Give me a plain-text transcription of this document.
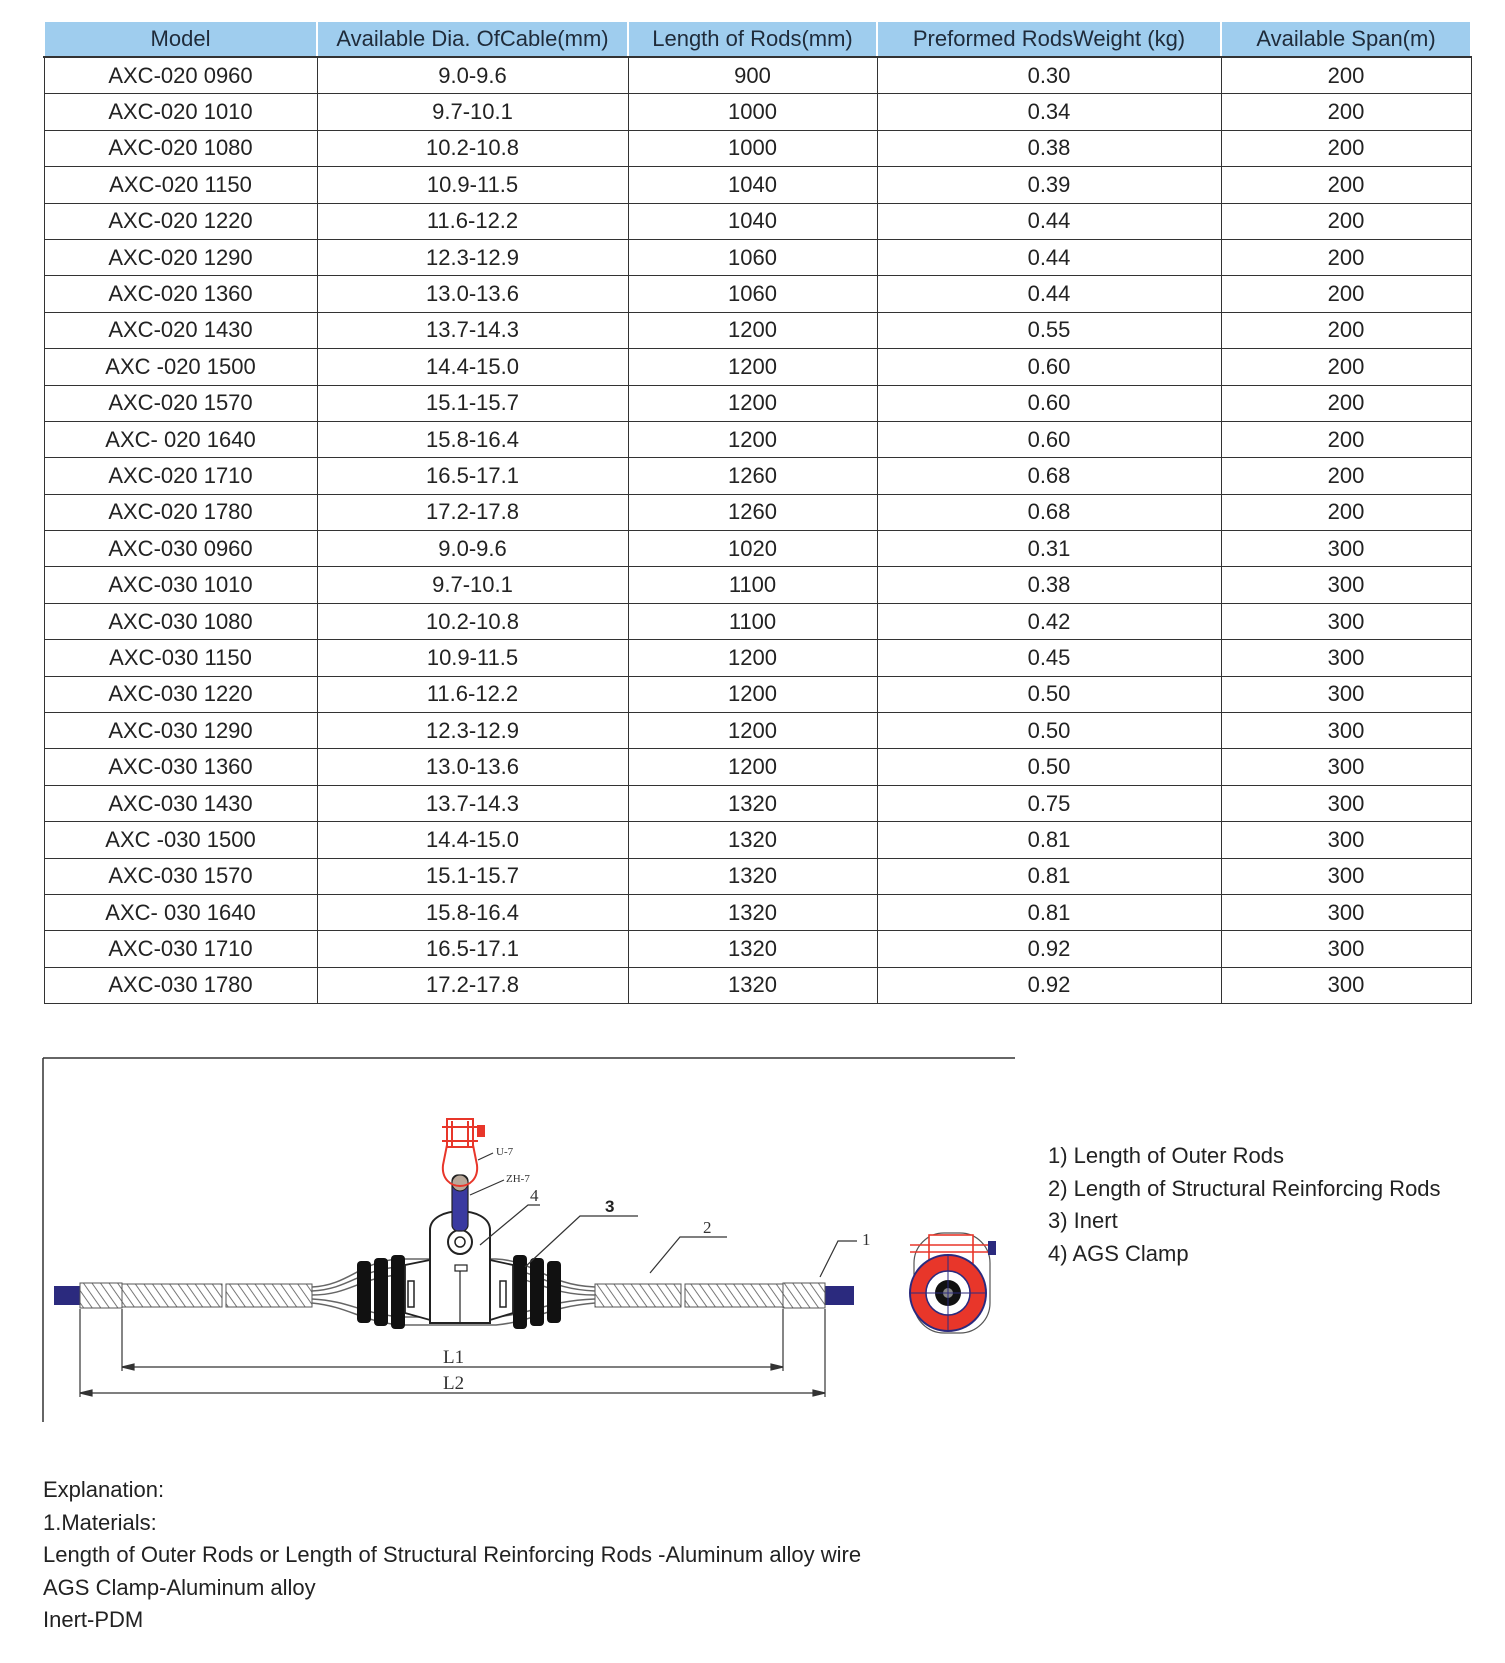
Model	Available Dia. OfCable(mm)	Length of Rods(mm)	Preformed RodsWeight (kg)	Available Span(m)
AXC-020 0960	9.0-9.6	900	0.30	200
AXC-020 1010	9.7-10.1	1000	0.34	200
AXC-020 1080	10.2-10.8	1000	0.38	200
AXC-020 1150	10.9-11.5	1040	0.39	200
AXC-020 1220	11.6-12.2	1040	0.44	200
AXC-020 1290	12.3-12.9	1060	0.44	200
AXC-020 1360	13.0-13.6	1060	0.44	200
AXC-020 1430	13.7-14.3	1200	0.55	200
AXC -020 1500	14.4-15.0	1200	0.60	200
AXC-020 1570	15.1-15.7	1200	0.60	200
AXC- 020 1640	15.8-16.4	1200	0.60	200
AXC-020 1710	16.5-17.1	1260	0.68	200
AXC-020 1780	17.2-17.8	1260	0.68	200
AXC-030 0960	9.0-9.6	1020	0.31	300
AXC-030 1010	9.7-10.1	1100	0.38	300
AXC-030 1080	10.2-10.8	1100	0.42	300
AXC-030 1150	10.9-11.5	1200	0.45	300
AXC-030 1220	11.6-12.2	1200	0.50	300
AXC-030 1290	12.3-12.9	1200	0.50	300
AXC-030 1360	13.0-13.6	1200	0.50	300
AXC-030 1430	13.7-14.3	1320	0.75	300
AXC -030 1500	14.4-15.0	1320	0.81	300
AXC-030 1570	15.1-15.7	1320	0.81	300
AXC- 030 1640	15.8-16.4	1320	0.81	300
AXC-030 1710	16.5-17.1	1320	0.92	300
AXC-030 1780	17.2-17.8	1320	0.92	300
U-7
ZH-7
4
3
2
1
L1
L2
1) Length of Outer Rods
2) Length of Structural Reinforcing Rods
3) Inert
4) AGS Clamp
Explanation:
1.Materials:
Length of Outer Rods or Length of Structural Reinforcing Rods -Aluminum alloy wire
AGS Clamp-Aluminum alloy
Inert-PDM
